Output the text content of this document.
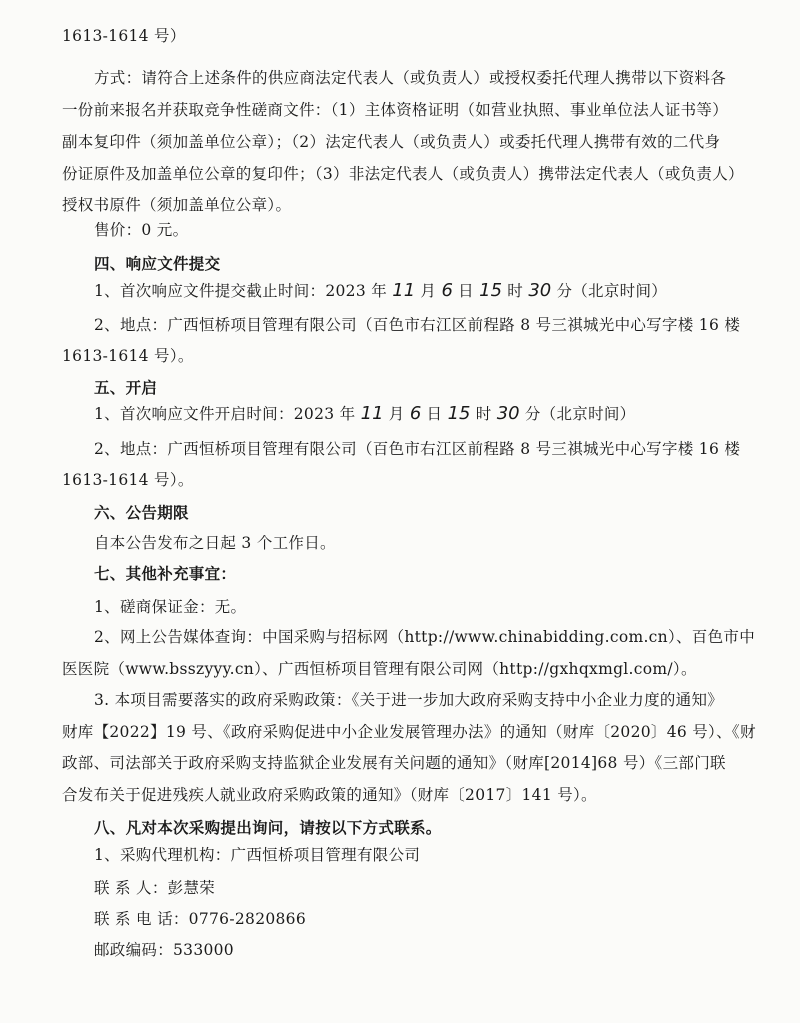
1613-1614 号）
方式：请符合上述条件的供应商法定代表人（或负责人）或授权委托代理人携带以下资料各
一份前来报名并获取竞争性磋商文件：（1）主体资格证明（如营业执照、事业单位法人证书等）
副本复印件（须加盖单位公章）；（2）法定代表人（或负责人）或委托代理人携带有效的二代身
份证原件及加盖单位公章的复印件；（3）非法定代表人（或负责人）携带法定代表人（或负责人）
授权书原件（须加盖单位公章）。
售价：0 元。
四、响应文件提交
1、首次响应文件提交截止时间：2023 年 11 月 6 日 15 时 30 分（北京时间）
2、地点：广西恒桥项目管理有限公司（百色市右江区前程路 8 号三祺城光中心写字楼 16 楼
1613-1614 号）。
五、开启
1、首次响应文件开启时间：2023 年 11 月 6 日 15 时 30 分（北京时间）
2、地点：广西恒桥项目管理有限公司（百色市右江区前程路 8 号三祺城光中心写字楼 16 楼
1613-1614 号）。
六、公告期限
自本公告发布之日起 3 个工作日。
七、其他补充事宜：
1、磋商保证金：无。
2、网上公告媒体查询：中国采购与招标网（http://www.chinabidding.com.cn）、百色市中
医医院（www.bsszyyy.cn）、广西恒桥项目管理有限公司网（http://gxhqxmgl.com/）。
3. 本项目需要落实的政府采购政策：《关于进一步加大政府采购支持中小企业力度的通知》
财库【2022】19 号、《政府采购促进中小企业发展管理办法》的通知（财库〔2020〕46 号）、《财
政部、司法部关于政府采购支持监狱企业发展有关问题的通知》（财库[2014]68 号）《三部门联
合发布关于促进残疾人就业政府采购政策的通知》（财库〔2017〕141 号）。
八、凡对本次采购提出询问，请按以下方式联系。
1、采购代理机构：广西恒桥项目管理有限公司
联 系 人：彭慧荣
联 系 电 话：0776-2820866
邮政编码：533000
